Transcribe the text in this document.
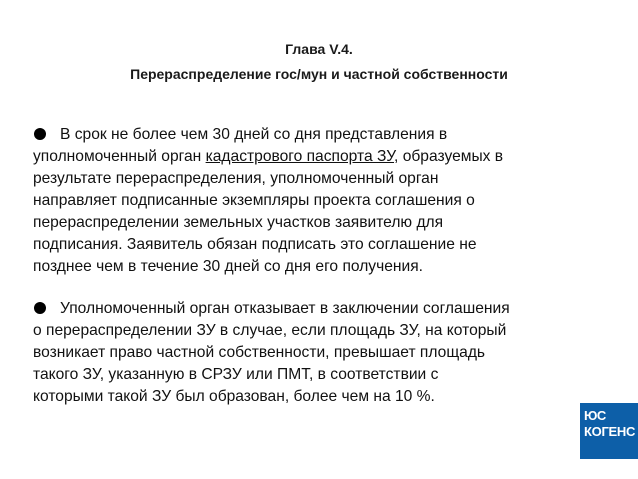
Глава V.4.
Перераспределение гос/мун и частной собственности
В срок не более чем 30 дней со дня представления в
уполномоченный орган кадастрового паспорта ЗУ, образуемых в
результате перераспределения, уполномоченный орган
направляет подписанные экземпляры проекта соглашения о
перераспределении земельных участков заявителю для
подписания. Заявитель обязан подписать это соглашение не
позднее чем в течение 30 дней со дня его получения.
Уполномоченный орган отказывает в заключении соглашения
о перераспределении ЗУ в случае, если площадь ЗУ, на который
возникает право частной собственности, превышает площадь
такого ЗУ, указанную в СРЗУ или ПМТ, в соответствии с
которыми такой ЗУ был образован, более чем на 10 %.
ЮС
КОГЕНС
